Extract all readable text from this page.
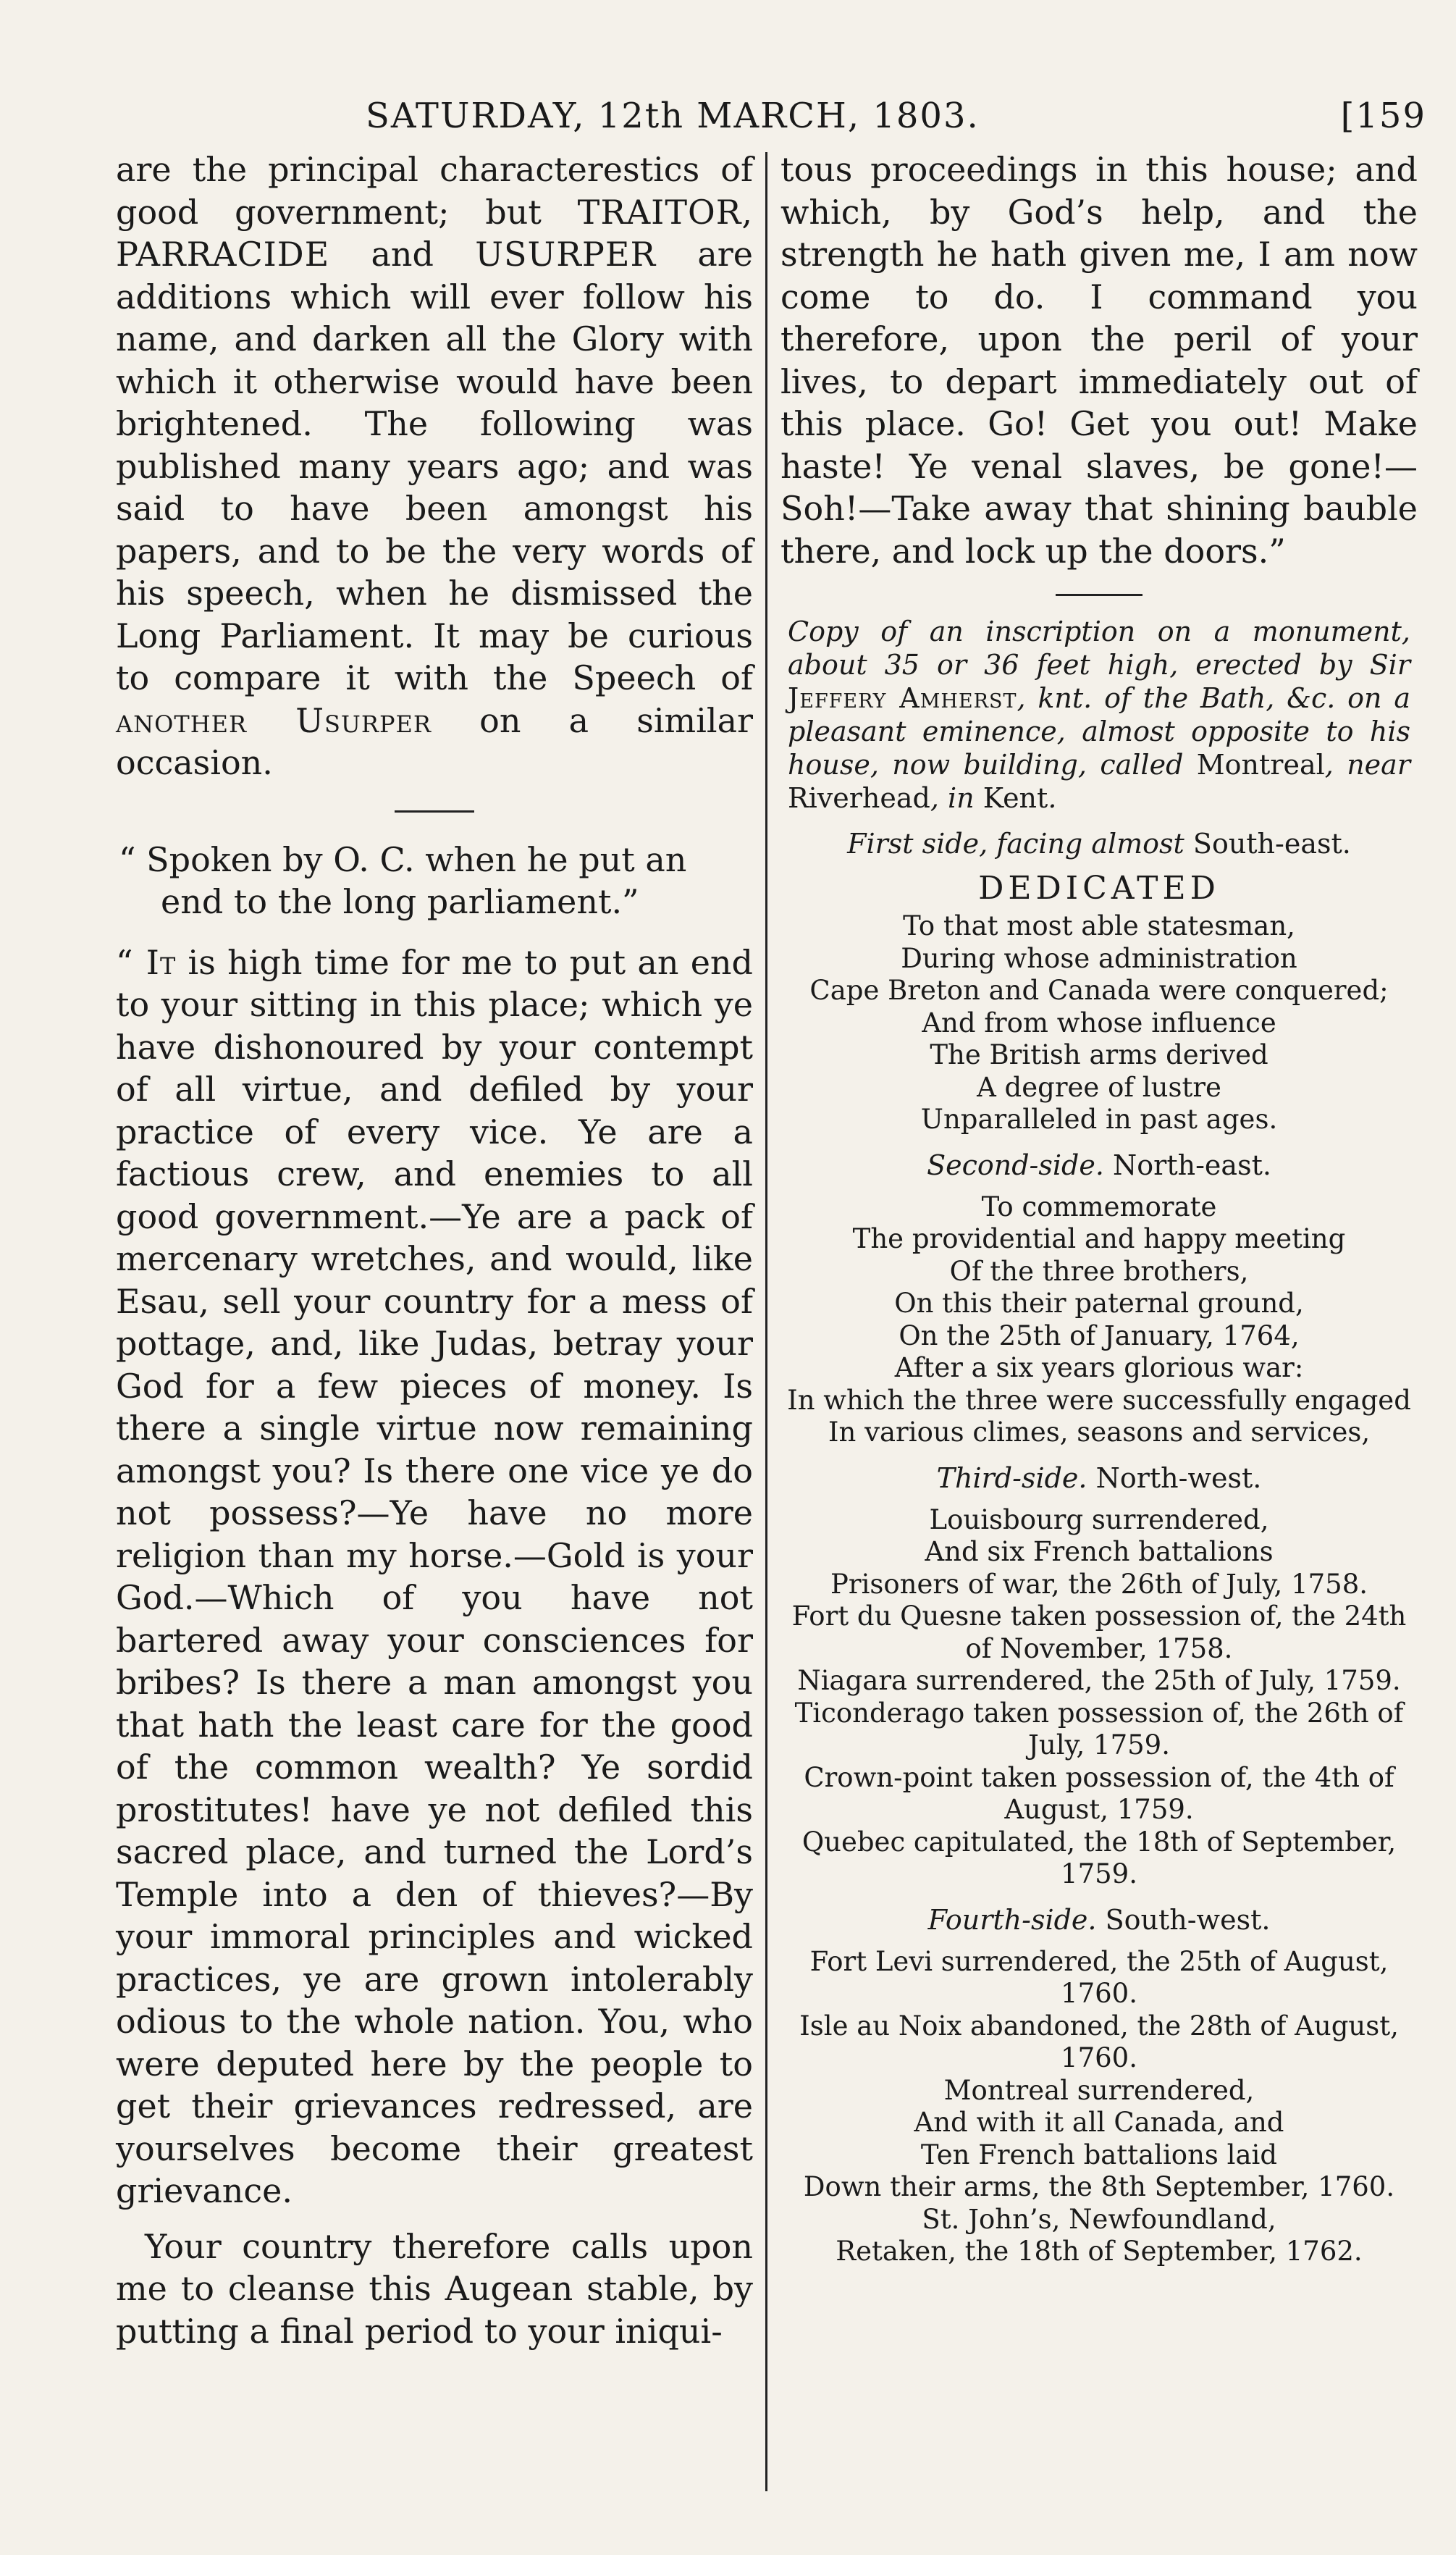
SATURDAY, 12th MARCH, 1803.	[159

are the principal characterestics of good government; but TRAITOR, PARRACIDE and USURPER are additions which will ever follow his name, and darken all the Glory with which it otherwise would have been brightened. The following was published many years ago; and was said to have been amongst his papers, and to be the very words of his speech, when he dismissed the Long Parliament. It may be curious to compare it with the Speech of another Usurper on a similar occasion.

“ Spoken by O. C. when he put an
end to the long parliament.”

“ It is high time for me to put an end to your sitting in this place; which ye have dishonoured by your contempt of all virtue, and defiled by your practice of every vice. Ye are a factious crew, and enemies to all good government.—Ye are a pack of mercenary wretches, and would, like Esau, sell your country for a mess of pottage, and, like Judas, betray your God for a few pieces of money. Is there a single virtue now remaining amongst you? Is there one vice ye do not possess?—Ye have no more religion than my horse.—Gold is your God.—Which of you have not bartered away your consciences for bribes? Is there a man amongst you that hath the least care for the good of the common wealth? Ye sordid prostitutes! have ye not defiled this sacred place, and turned the Lord’s Temple into a den of thieves?—By your immoral principles and wicked practices, ye are grown intolerably odious to the whole nation. You, who were deputed here by the people to get their grievances redressed, are yourselves become their greatest grievance.

Your country therefore calls upon me to cleanse this Augean stable, by putting a final period to your iniqui-

tous proceedings in this house; and which, by God’s help, and the strength he hath given me, I am now come to do. I command you therefore, upon the peril of your lives, to depart immediately out of this place. Go! Get you out! Make haste! Ye venal slaves, be gone!—Soh!—Take away that shining bauble there, and lock up the doors.”

Copy of an inscription on a monument, about 35 or 36 feet high, erected by Sir Jeffery Amherst, knt. of the Bath, &c. on a pleasant eminence, almost opposite to his house, now building, called Montreal, near Riverhead, in Kent.

First side, facing almost South-east.

DEDICATED

To that most able statesman,

During whose administration

Cape Breton and Canada were conquered;

And from whose influence

The British arms derived

A degree of lustre

Unparalleled in past ages.

Second-side. North-east.

To commemorate

The providential and happy meeting

Of the three brothers,

On this their paternal ground,

On the 25th of January, 1764,

After a six years glorious war:

In which the three were successfully engaged

In various climes, seasons and services,

Third-side. North-west.

Louisbourg surrendered,

And six French battalions

Prisoners of war, the 26th of July, 1758.

Fort du Quesne taken possession of, the 24th

of November, 1758.

Niagara surrendered, the 25th of July, 1759.

Ticonderago taken possession of, the 26th of

July, 1759.

Crown-point taken possession of, the 4th of

August, 1759.

Quebec capitulated, the 18th of September,

1759.

Fourth-side. South-west.

Fort Levi surrendered, the 25th of August,

1760.

Isle au Noix abandoned, the 28th of August,

1760.

Montreal surrendered,

And with it all Canada, and

Ten French battalions laid

Down their arms, the 8th September, 1760.

St. John’s, Newfoundland,

Retaken, the 18th of September, 1762.
